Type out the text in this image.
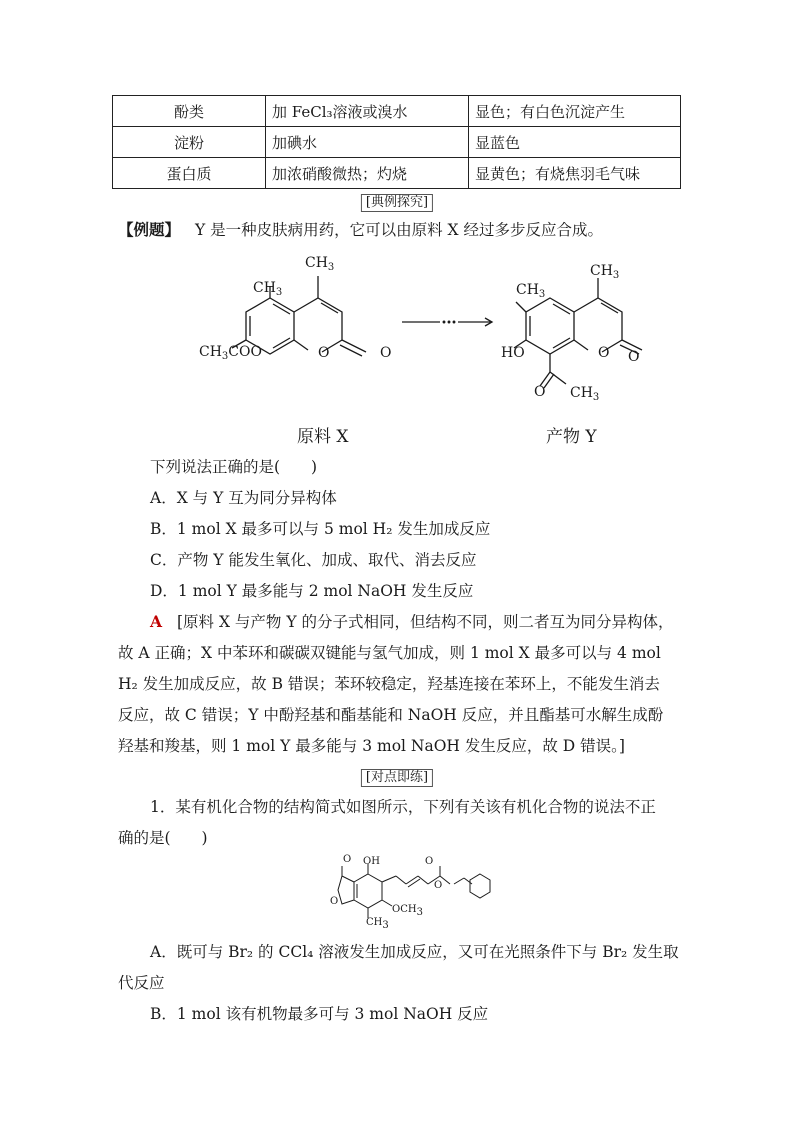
酚类	加 FeCl₃溶液或溴水	显色；有白色沉淀产生
淀粉	加碘水	显蓝色
蛋白质	加浓硝酸微热；灼烧	显黄色；有烧焦羽毛气味
[典例探究]
【例题】 Y 是一种皮肤病用药，它可以由原料 X 经过多步反应合成。
$CH_3$
$CH_3$
$CH_3COO$	O	O
$CH_3$
$CH_3$
HO	O O
O $CH_3$
原料 X	产物 Y
下列说法正确的是(　　)
A．X 与 Y 互为同分异构体
B．1 mol X 最多可以与 5 mol H₂ 发生加成反应
C．产物 Y 能发生氧化、加成、取代、消去反应
D．1 mol Y 最多能与 2 mol NaOH 发生反应
A [原料 X 与产物 Y 的分子式相同，但结构不同，则二者互为同分异构体，
故 A 正确；X 中苯环和碳碳双键能与氢气加成，则 1 mol X 最多可以与 4 mol
H₂ 发生加成反应，故 B 错误；苯环较稳定，羟基连接在苯环上，不能发生消去
反应，故 C 错误；Y 中酚羟基和酯基能和 NaOH 反应，并且酯基可水解生成酚
羟基和羧基，则 1 mol Y 最多能与 3 mol NaOH 发生反应，故 D 错误。]
[对点即练]
1．某有机化合物的结构简式如图所示，下列有关该有机化合物的说法不正
确的是(　　)
O OH	O
O
O
$OCH_3$
$CH_3$
A．既可与 Br₂ 的 CCl₄ 溶液发生加成反应，又可在光照条件下与 Br₂ 发生取
代反应
B．1 mol 该有机物最多可与 3 mol NaOH 反应
